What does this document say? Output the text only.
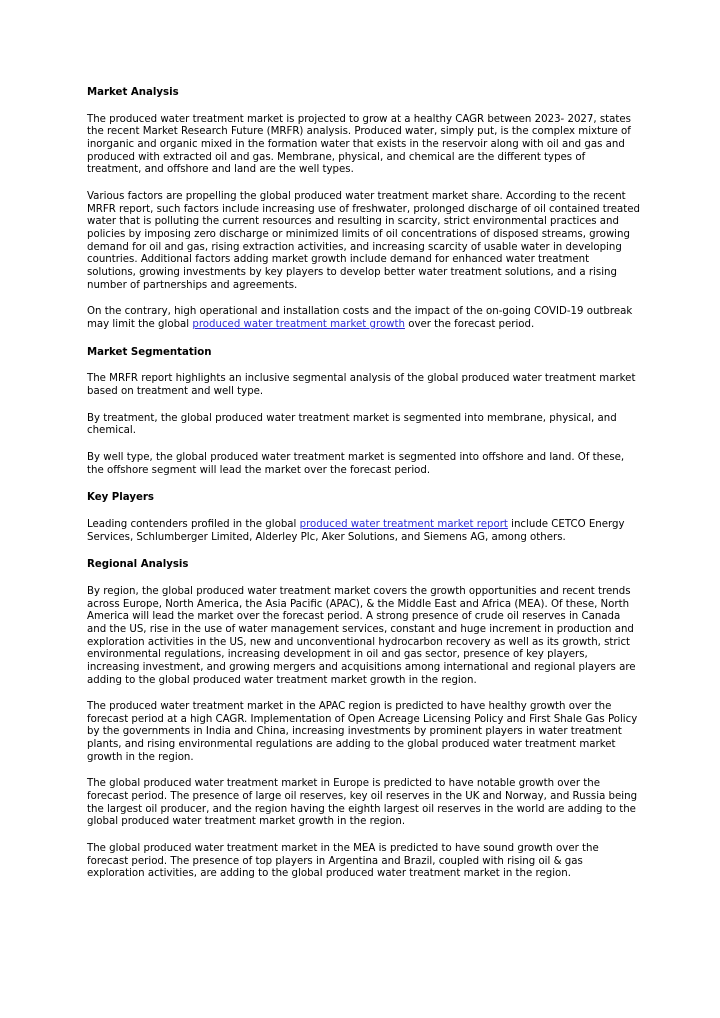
Market Analysis

The produced water treatment market is projected to grow at a healthy CAGR between 2023- 2027, states the recent Market Research Future (MRFR) analysis. Produced water, simply put, is the complex mixture of inorganic and organic mixed in the formation water that exists in the reservoir along with oil and gas and produced with extracted oil and gas. Membrane, physical, and chemical are the different types of treatment, and offshore and land are the well types.

Various factors are propelling the global produced water treatment market share. According to the recent MRFR report, such factors include increasing use of freshwater, prolonged discharge of oil contained treated water that is polluting the current resources and resulting in scarcity, strict environmental practices and policies by imposing zero discharge or minimized limits of oil concentrations of disposed streams, growing demand for oil and gas, rising extraction activities, and increasing scarcity of usable water in developing countries. Additional factors adding market growth include demand for enhanced water treatment solutions, growing investments by key players to develop better water treatment solutions, and a rising number of partnerships and agreements.

On the contrary, high operational and installation costs and the impact of the on-going COVID-19 outbreak may limit the global produced water treatment market growth over the forecast period.

Market Segmentation

The MRFR report highlights an inclusive segmental analysis of the global produced water treatment market based on treatment and well type.

By treatment, the global produced water treatment market is segmented into membrane, physical, and chemical.

By well type, the global produced water treatment market is segmented into offshore and land. Of these, the offshore segment will lead the market over the forecast period.

Key Players

Leading contenders profiled in the global produced water treatment market report include CETCO Energy Services, Schlumberger Limited, Alderley Plc, Aker Solutions, and Siemens AG, among others.

Regional Analysis

By region, the global produced water treatment market covers the growth opportunities and recent trends across Europe, North America, the Asia Pacific (APAC), & the Middle East and Africa (MEA). Of these, North America will lead the market over the forecast period. A strong presence of crude oil reserves in Canada and the US, rise in the use of water management services, constant and huge increment in production and exploration activities in the US, new and unconventional hydrocarbon recovery as well as its growth, strict environmental regulations, increasing development in oil and gas sector, presence of key players, increasing investment, and growing mergers and acquisitions among international and regional players are adding to the global produced water treatment market growth in the region.

The produced water treatment market in the APAC region is predicted to have healthy growth over the forecast period at a high CAGR. Implementation of Open Acreage Licensing Policy and First Shale Gas Policy by the governments in India and China, increasing investments by prominent players in water treatment plants, and rising environmental regulations are adding to the global produced water treatment market growth in the region.

The global produced water treatment market in Europe is predicted to have notable growth over the forecast period. The presence of large oil reserves, key oil reserves in the UK and Norway, and Russia being the largest oil producer, and the region having the eighth largest oil reserves in the world are adding to the global produced water treatment market growth in the region.

The global produced water treatment market in the MEA is predicted to have sound growth over the forecast period. The presence of top players in Argentina and Brazil, coupled with rising oil & gas exploration activities, are adding to the global produced water treatment market in the region.
